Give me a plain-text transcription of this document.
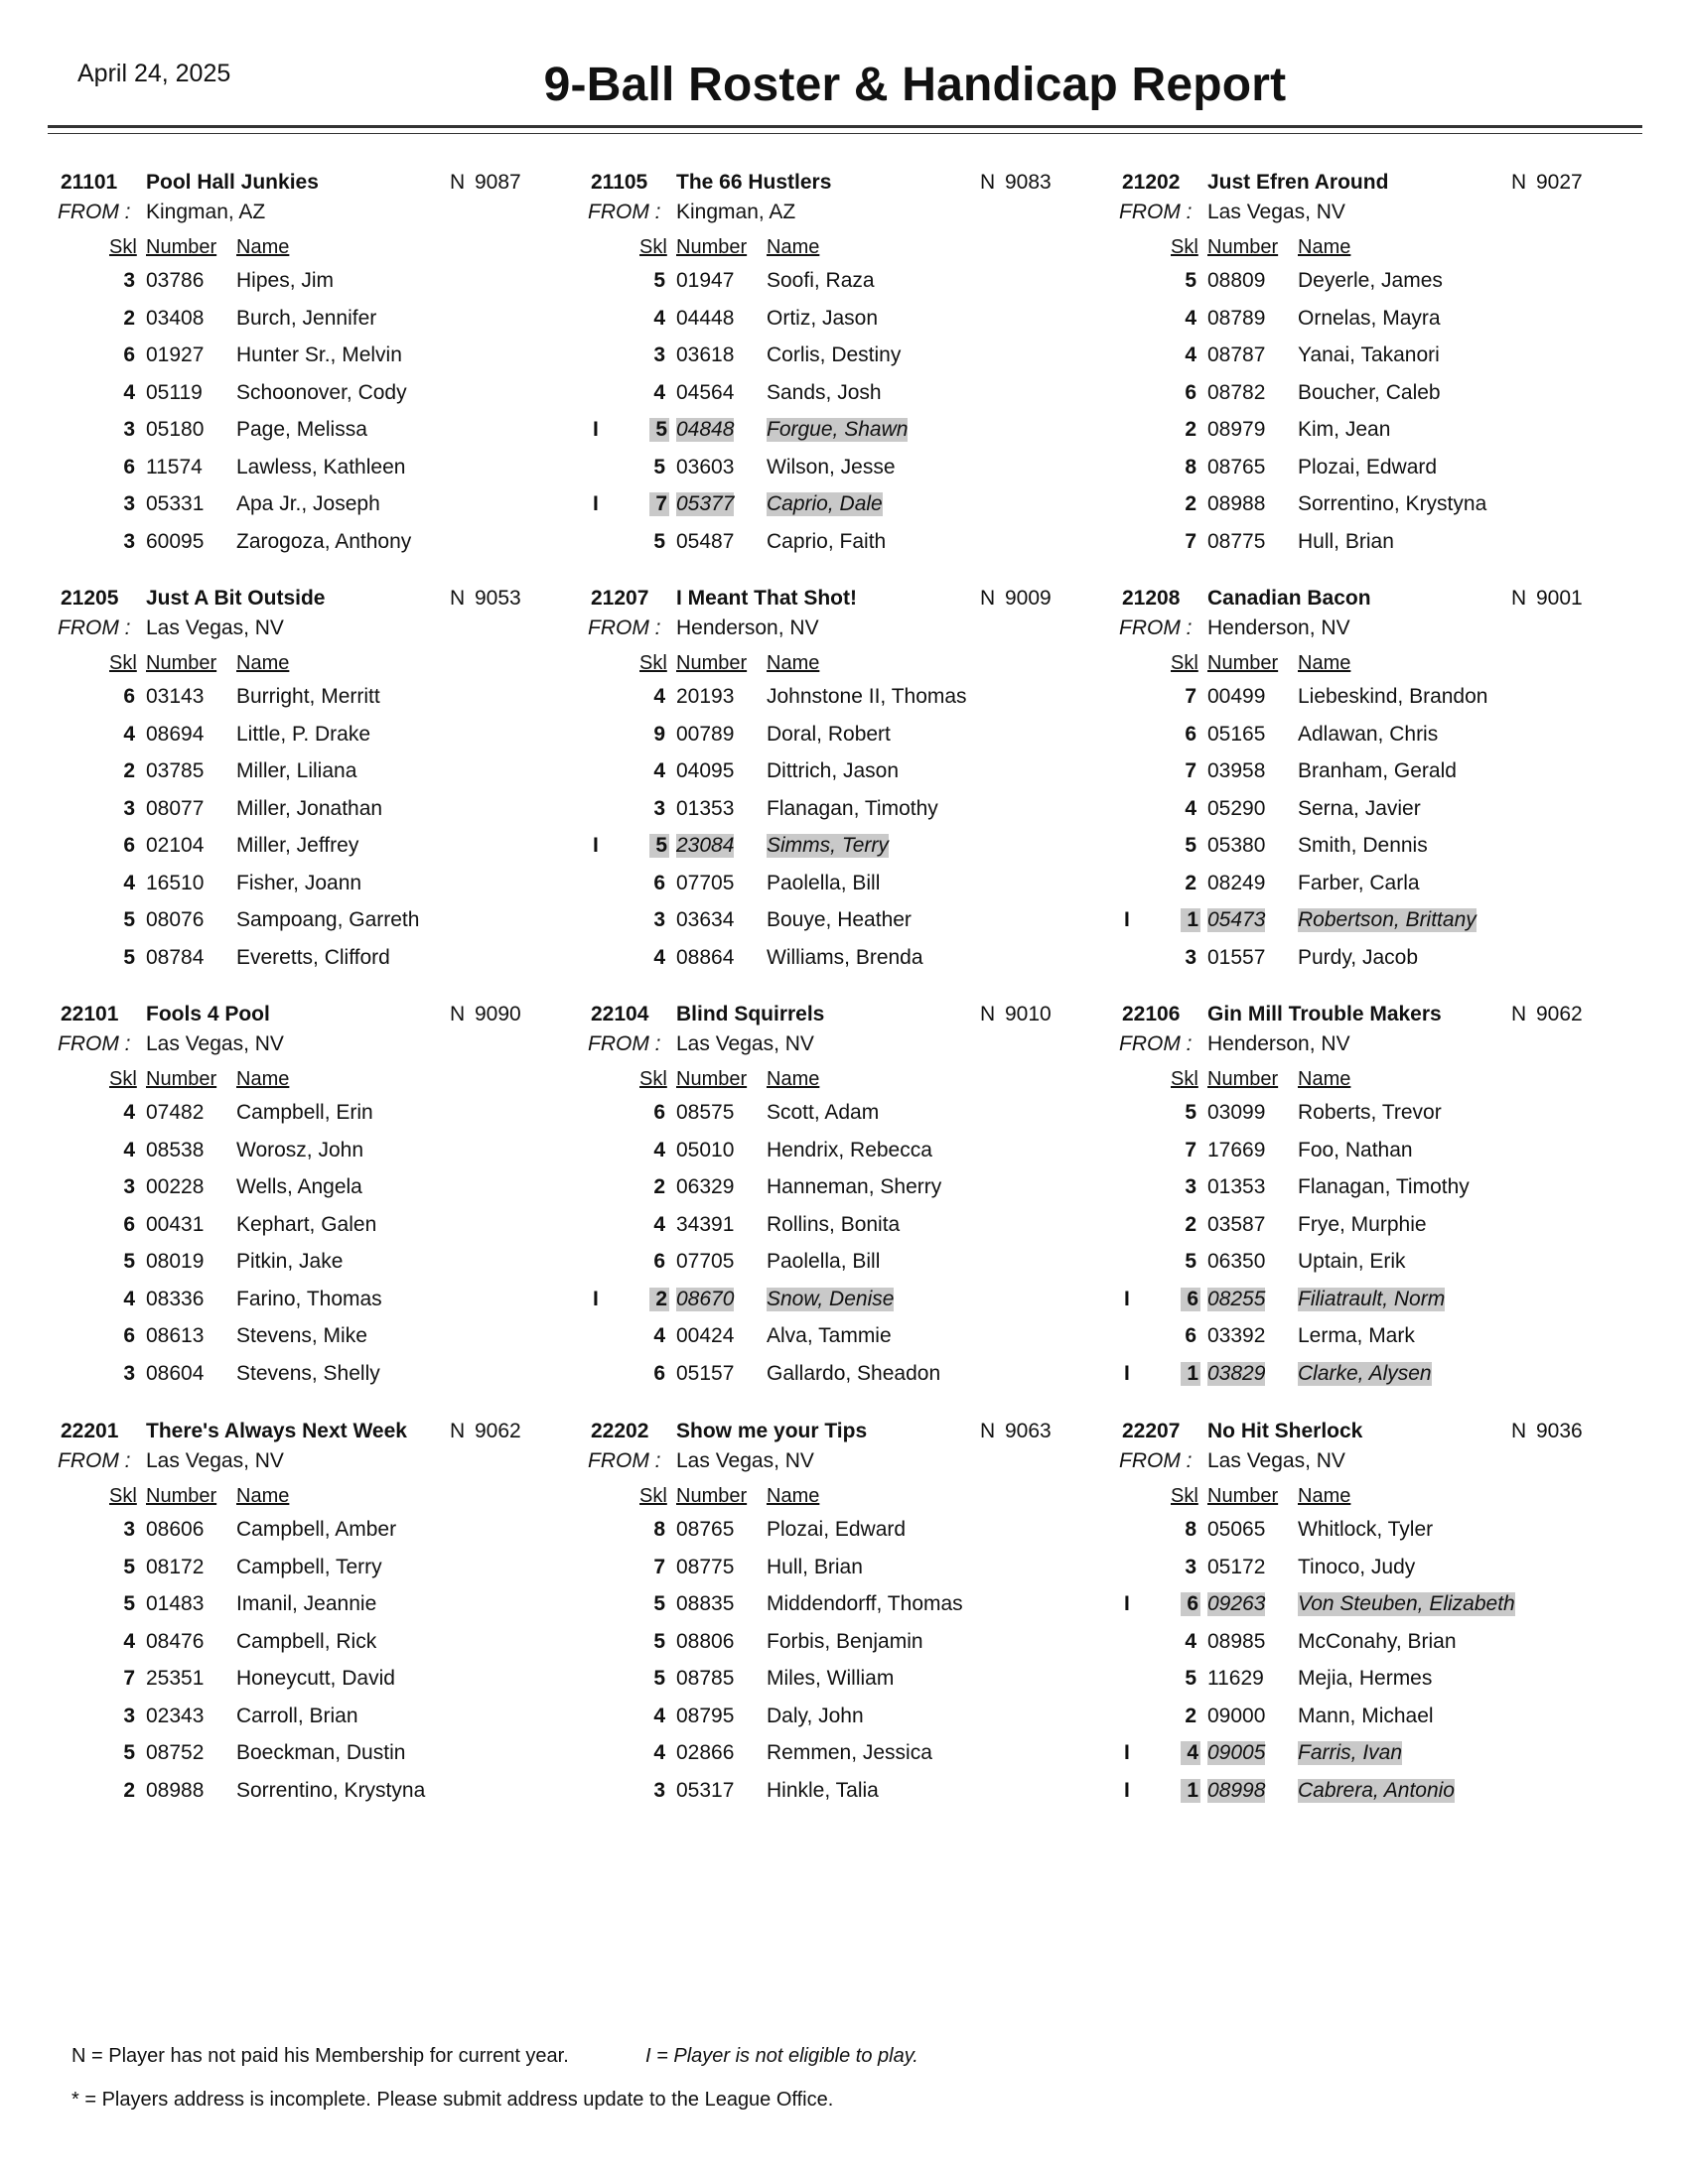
April 24, 2025	9-Ball Roster & Handicap Report
21101 Pool Hall Junkies	N 9087
FROM : Kingman, AZ
Skl Number Name
3 03786 Hipes, Jim
2 03408 Burch, Jennifer
6 01927 Hunter Sr., Melvin
4 05119 Schoonover, Cody
3 05180 Page, Melissa
6 11574 Lawless, Kathleen
3 05331 Apa Jr., Joseph
3 60095 Zarogoza, Anthony
21105 The 66 Hustlers	N 9083
FROM : Kingman, AZ
Skl Number Name
5 01947 Soofi, Raza
4 04448 Ortiz, Jason
3 03618 Corlis, Destiny
4 04564 Sands, Josh
I	5 04848 Forgue, Shawn
5 03603 Wilson, Jesse
I	7 05377 Caprio, Dale
5 05487 Caprio, Faith
21202 Just Efren Around	N 9027
FROM : Las Vegas, NV
Skl Number Name
5 08809 Deyerle, James
4 08789 Ornelas, Mayra
4 08787 Yanai, Takanori
6 08782 Boucher, Caleb
2 08979 Kim, Jean
8 08765 Plozai, Edward
2 08988 Sorrentino, Krystyna
7 08775 Hull, Brian
21205 Just A Bit Outside	N 9053
FROM : Las Vegas, NV
Skl Number Name
6 03143 Burright, Merritt
4 08694 Little, P. Drake
2 03785 Miller, Liliana
3 08077 Miller, Jonathan
6 02104 Miller, Jeffrey
4 16510 Fisher, Joann
5 08076 Sampoang, Garreth
5 08784 Everetts, Clifford
21207 I Meant That Shot!	N 9009
FROM : Henderson, NV
Skl Number Name
4 20193 Johnstone II, Thomas
9 00789 Doral, Robert
4 04095 Dittrich, Jason
3 01353 Flanagan, Timothy
I	5 23084 Simms, Terry
6 07705 Paolella, Bill
3 03634 Bouye, Heather
4 08864 Williams, Brenda
21208 Canadian Bacon	N 9001
FROM : Henderson, NV
Skl Number Name
7 00499 Liebeskind, Brandon
6 05165 Adlawan, Chris
7 03958 Branham, Gerald
4 05290 Serna, Javier
5 05380 Smith, Dennis
2 08249 Farber, Carla
I	1 05473 Robertson, Brittany
3 01557 Purdy, Jacob
22101 Fools 4 Pool	N 9090
FROM : Las Vegas, NV
Skl Number Name
4 07482 Campbell, Erin
4 08538 Worosz, John
3 00228 Wells, Angela
6 00431 Kephart, Galen
5 08019 Pitkin, Jake
4 08336 Farino, Thomas
6 08613 Stevens, Mike
3 08604 Stevens, Shelly
22104 Blind Squirrels	N 9010
FROM : Las Vegas, NV
Skl Number Name
6 08575 Scott, Adam
4 05010 Hendrix, Rebecca
2 06329 Hanneman, Sherry
4 34391 Rollins, Bonita
6 07705 Paolella, Bill
I	2 08670 Snow, Denise
4 00424 Alva, Tammie
6 05157 Gallardo, Sheadon
22106 Gin Mill Trouble Makers	N 9062
FROM : Henderson, NV
Skl Number Name
5 03099 Roberts, Trevor
7 17669 Foo, Nathan
3 01353 Flanagan, Timothy
2 03587 Frye, Murphie
5 06350 Uptain, Erik
I	6 08255 Filiatrault, Norm
6 03392 Lerma, Mark
I	1 03829 Clarke, Alysen
22201 There's Always Next Week N 9062
FROM : Las Vegas, NV
Skl Number Name
3 08606 Campbell, Amber
5 08172 Campbell, Terry
5 01483 Imanil, Jeannie
4 08476 Campbell, Rick
7 25351 Honeycutt, David
3 02343 Carroll, Brian
5 08752 Boeckman, Dustin
2 08988 Sorrentino, Krystyna
22202 Show me your Tips	N 9063
FROM : Las Vegas, NV
Skl Number Name
8 08765 Plozai, Edward
7 08775 Hull, Brian
5 08835 Middendorff, Thomas
5 08806 Forbis, Benjamin
5 08785 Miles, William
4 08795 Daly, John
4 02866 Remmen, Jessica
3 05317 Hinkle, Talia
22207 No Hit Sherlock	N 9036
FROM : Las Vegas, NV
Skl Number Name
8 05065 Whitlock, Tyler
3 05172 Tinoco, Judy
I	6 09263 Von Steuben, Elizabeth
4 08985 McConahy, Brian
5 11629 Mejia, Hermes
2 09000 Mann, Michael
I	4 09005 Farris, Ivan
I	1 08998 Cabrera, Antonio
N = Player has not paid his Membership for current year.	I = Player is not eligible to play.
* = Players address is incomplete. Please submit address update to the League Office.
